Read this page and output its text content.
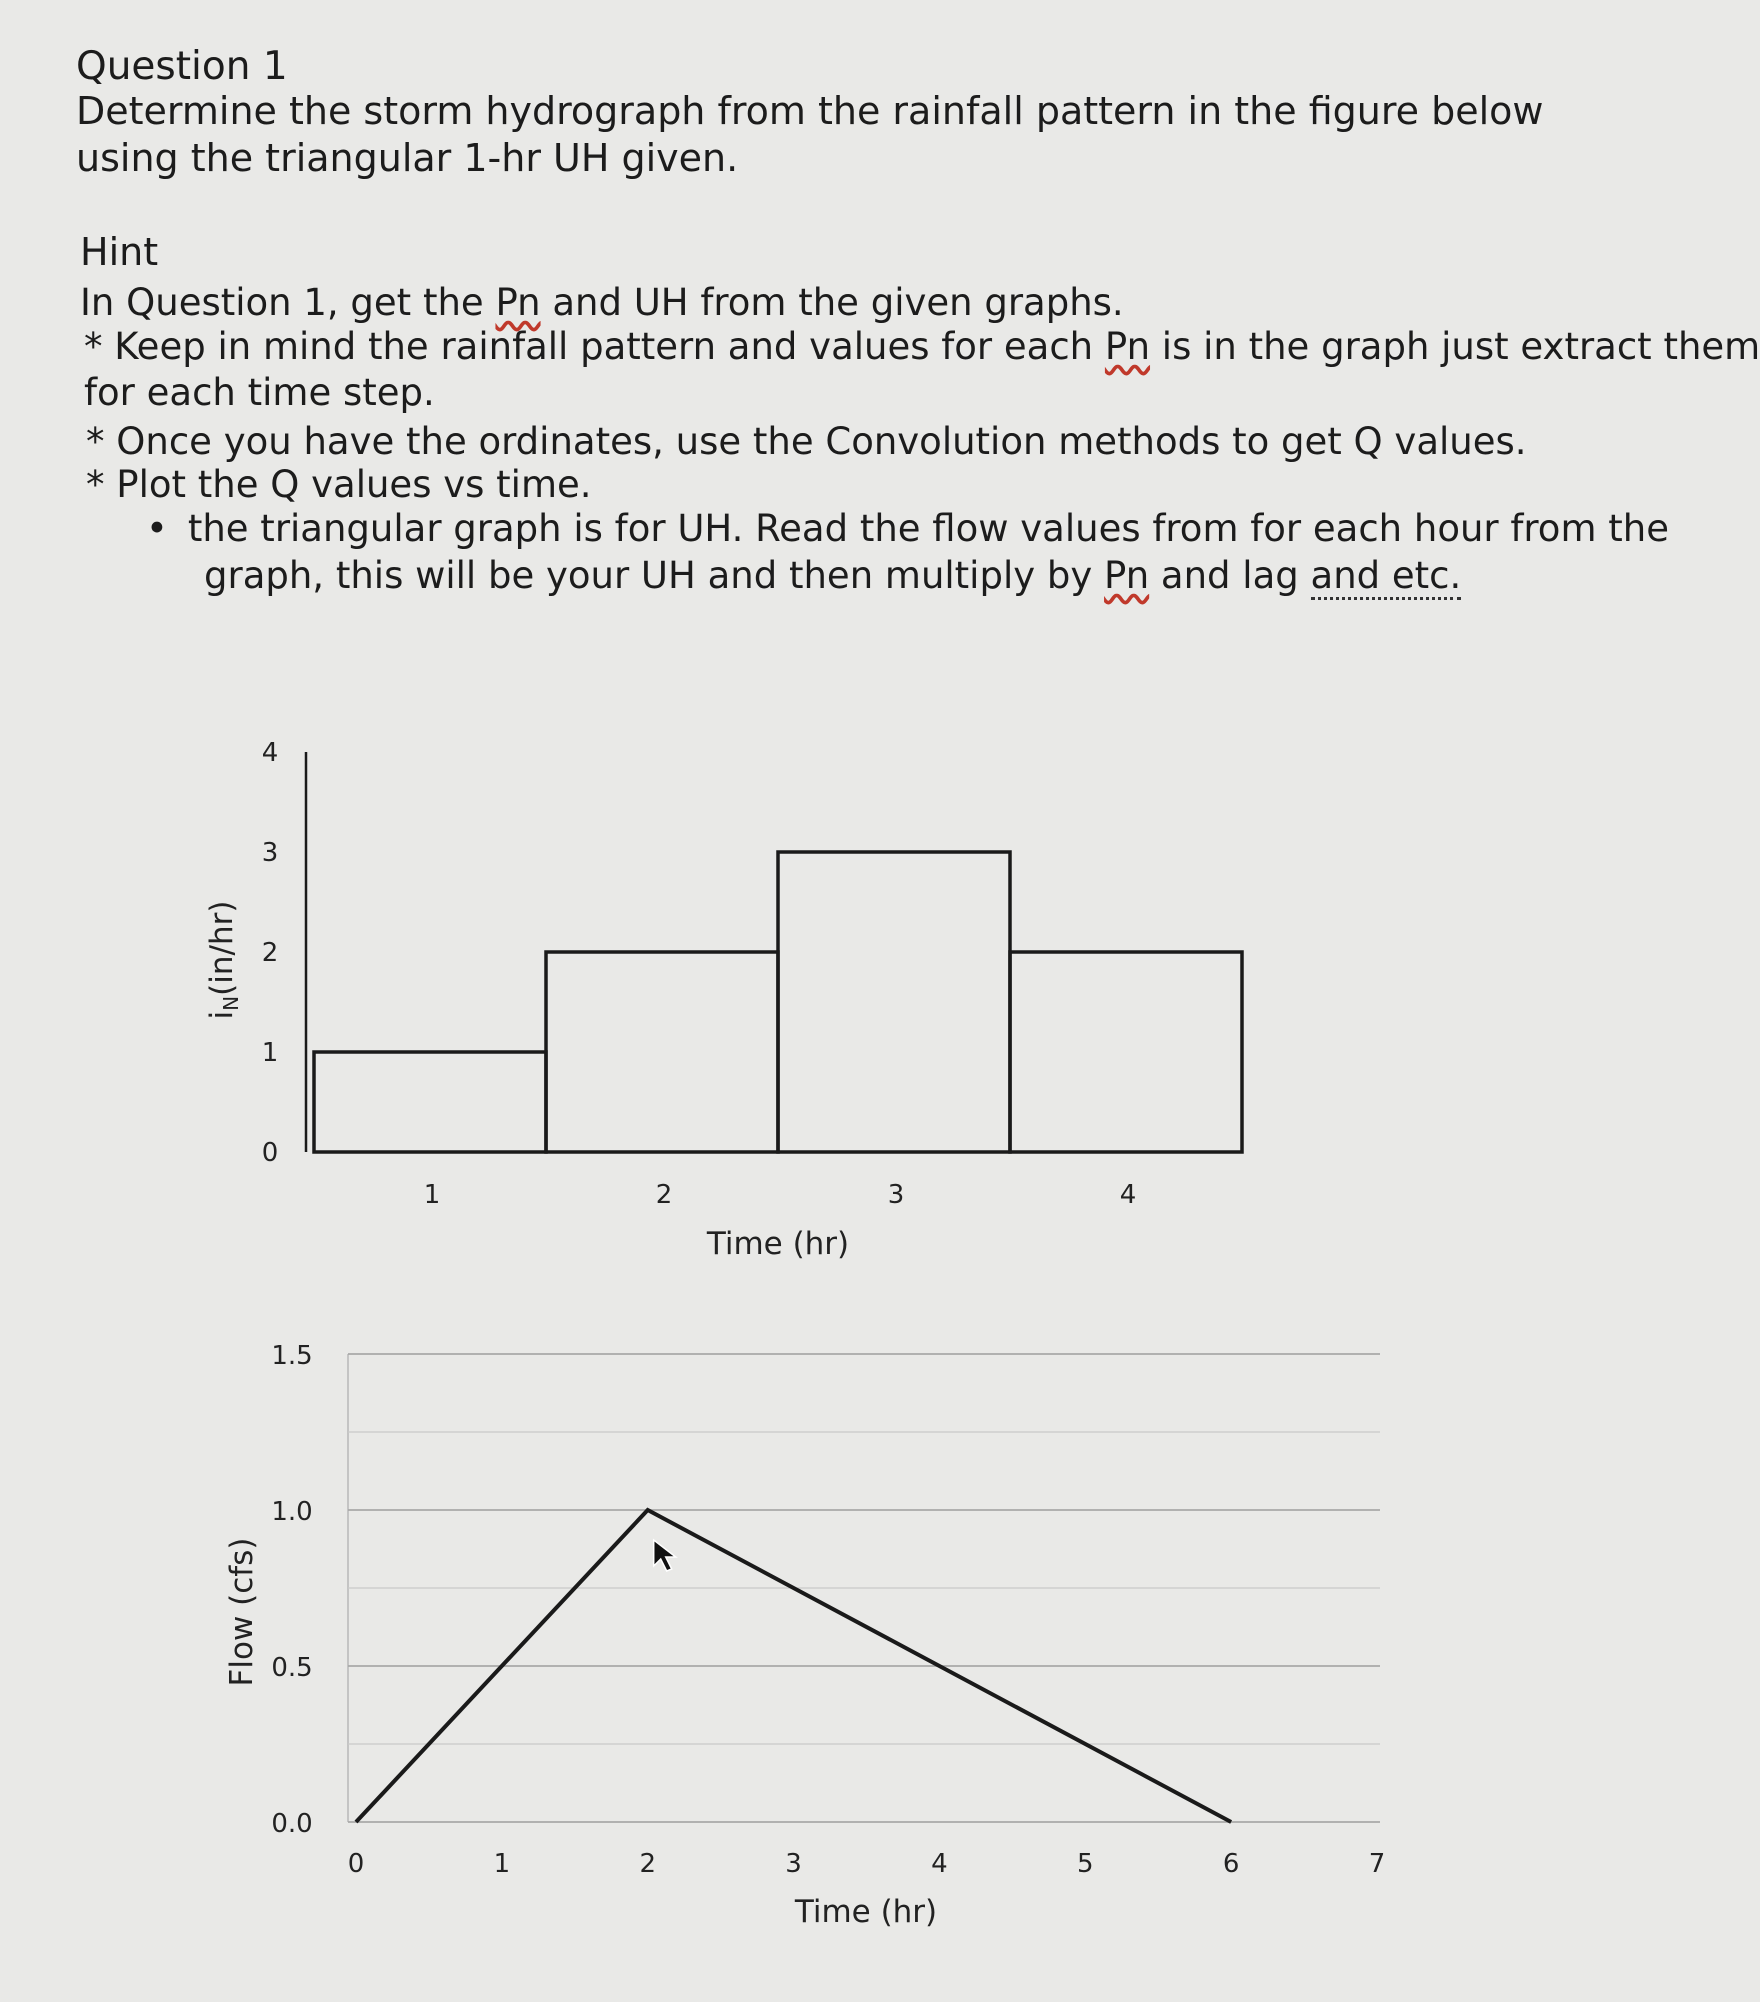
Question 1
Determine the storm hydrograph from the rainfall pattern in the figure below using the triangular 1-hr UH given.
Hint
In Question 1, get the Pn and UH from the given graphs.
* Keep in mind the rainfall pattern and values for each Pn is in the graph just extract them
for each time step.
* Once you have the ordinates, use the Convolution methods to get Q values.
* Plot the Q values vs time.
• the triangular graph is for UH. Read the flow values from for each hour from the
graph, this will be your UH and then multiply by Pn and lag and etc.
iN(in/hr)
Time (hr)
0
1
2
3
4
1	2	3	4
Flow (cfs)
Time (hr)
0.0
0.5
1.0
1.5
0	1	2	3	4	5	6	7
